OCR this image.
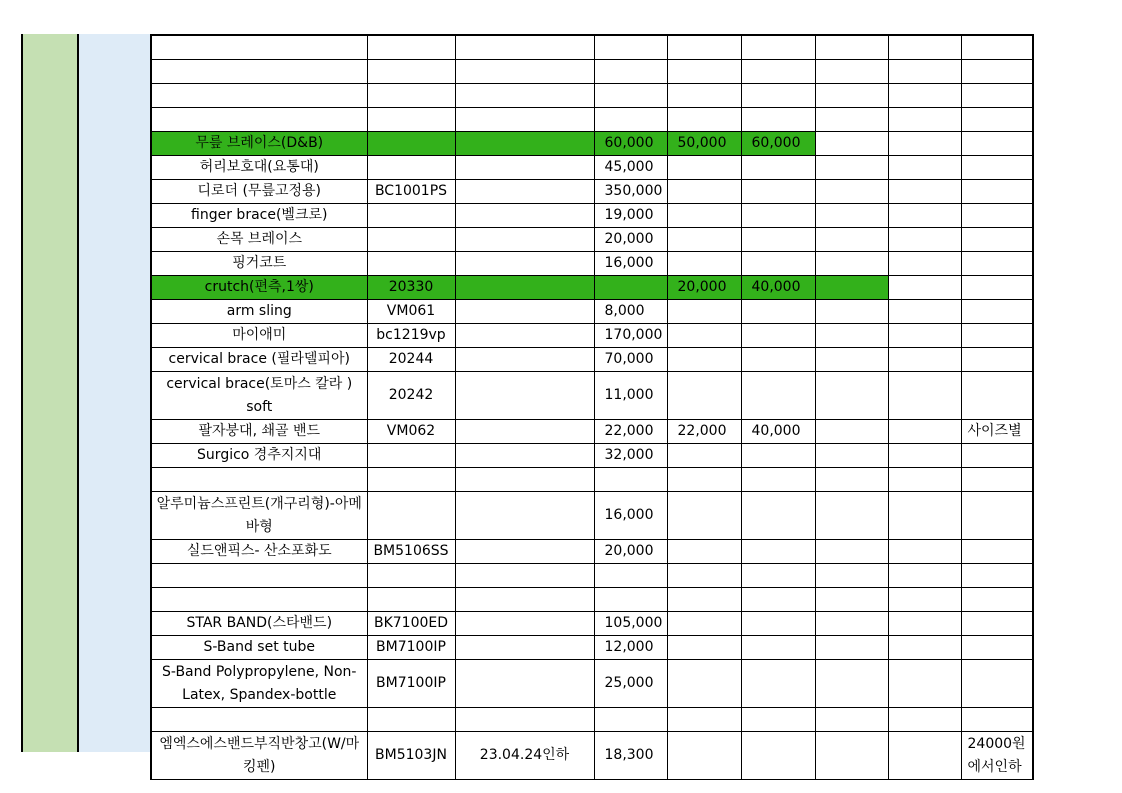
무릎 브레이스(D&B)			60,000	50,000	60,000			
허리보호대(요통대)			45,000					
디로더 (무릎고정용)	BC1001PS		350,000					
finger brace(벨크로)			19,000					
손목 브레이스			20,000					
핑거코트			16,000					
crutch(편측,1쌍)	20330			20,000	40,000			
arm sling	VM061		8,000					
마이애미	bc1219vp		170,000					
cervical brace (필라델피아)	20244		70,000					
cervical brace(토마스 칼라 ) soft	20242		11,000					
팔자붕대, 쇄골 밴드	VM062		22,000	22,000	40,000			사이즈별
Surgico 경추지지대			32,000					

알루미늄스프린트(개구리형)-아메바형			16,000					
실드앤픽스- 산소포화도	BM5106SS		20,000					

STAR BAND(스타밴드)	BK7100ED		105,000					
S-Band set tube	BM7100IP		12,000					
S-Band Polypropylene, Non-Latex, Spandex-bottle	BM7100IP		25,000					

엠엑스에스밴드부직반창고(W/마킹펜)	BM5103JN	23.04.24인하	18,300					24000원에서인하
